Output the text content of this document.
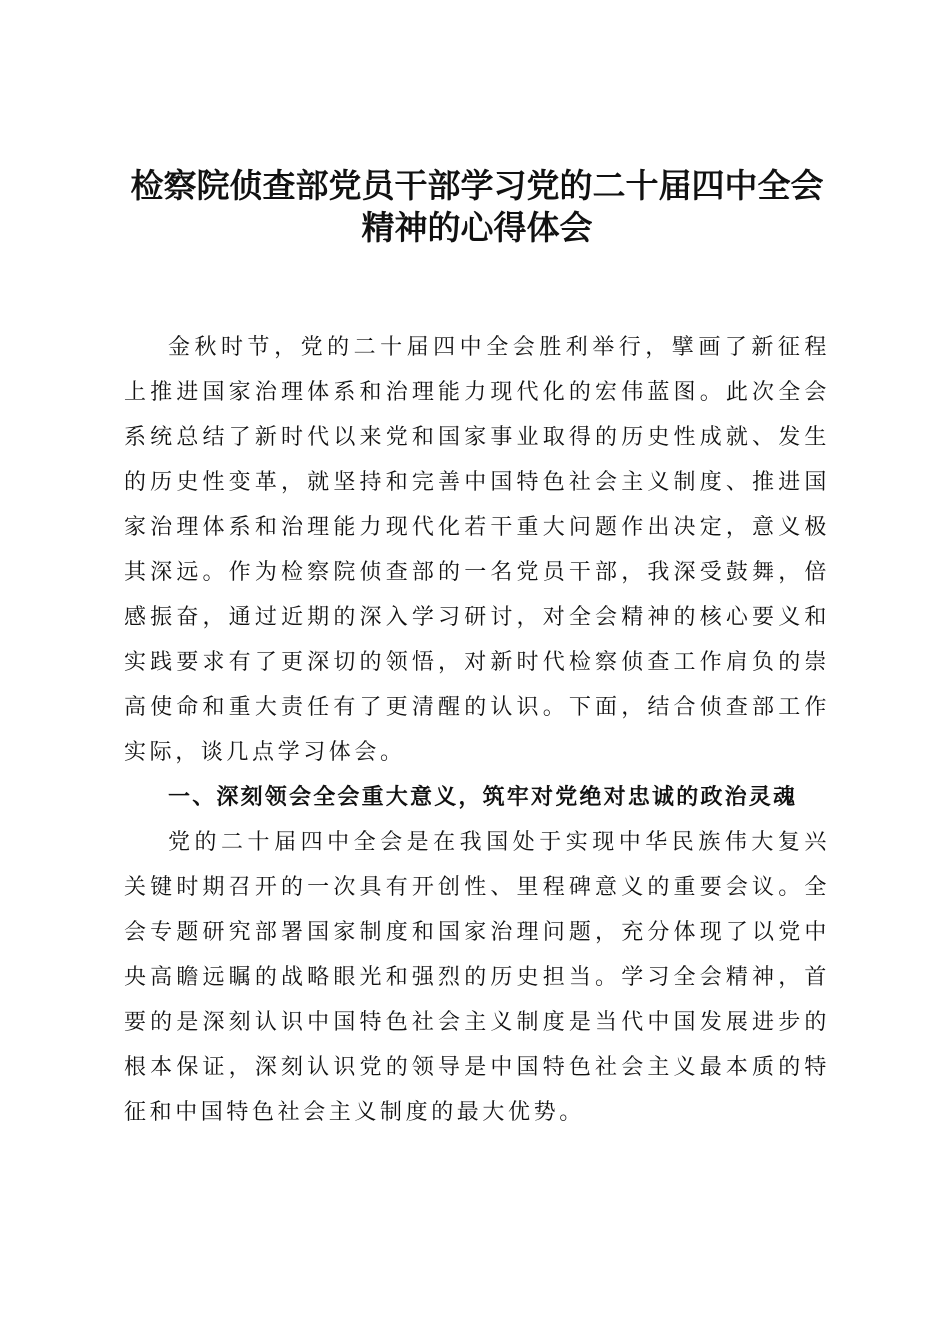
检察院侦查部党员干部学习党的二十届四中全会精神的心得体会

金秋时节，党的二十届四中全会胜利举行，擘画了新征程上推进国家治理体系和治理能力现代化的宏伟蓝图。此次全会系统总结了新时代以来党和国家事业取得的历史性成就、发生的历史性变革，就坚持和完善中国特色社会主义制度、推进国家治理体系和治理能力现代化若干重大问题作出决定，意义极其深远。作为检察院侦查部的一名党员干部，我深受鼓舞，倍感振奋，通过近期的深入学习研讨，对全会精神的核心要义和实践要求有了更深切的领悟，对新时代检察侦查工作肩负的崇高使命和重大责任有了更清醒的认识。下面，结合侦查部工作实际，谈几点学习体会。

一、深刻领会全会重大意义，筑牢对党绝对忠诚的政治灵魂

党的二十届四中全会是在我国处于实现中华民族伟大复兴关键时期召开的一次具有开创性、里程碑意义的重要会议。全会专题研究部署国家制度和国家治理问题，充分体现了以党中央高瞻远瞩的战略眼光和强烈的历史担当。学习全会精神，首要的是深刻认识中国特色社会主义制度是当代中国发展进步的根本保证，深刻认识党的领导是中国特色社会主义最本质的特征和中国特色社会主义制度的最大优势。
